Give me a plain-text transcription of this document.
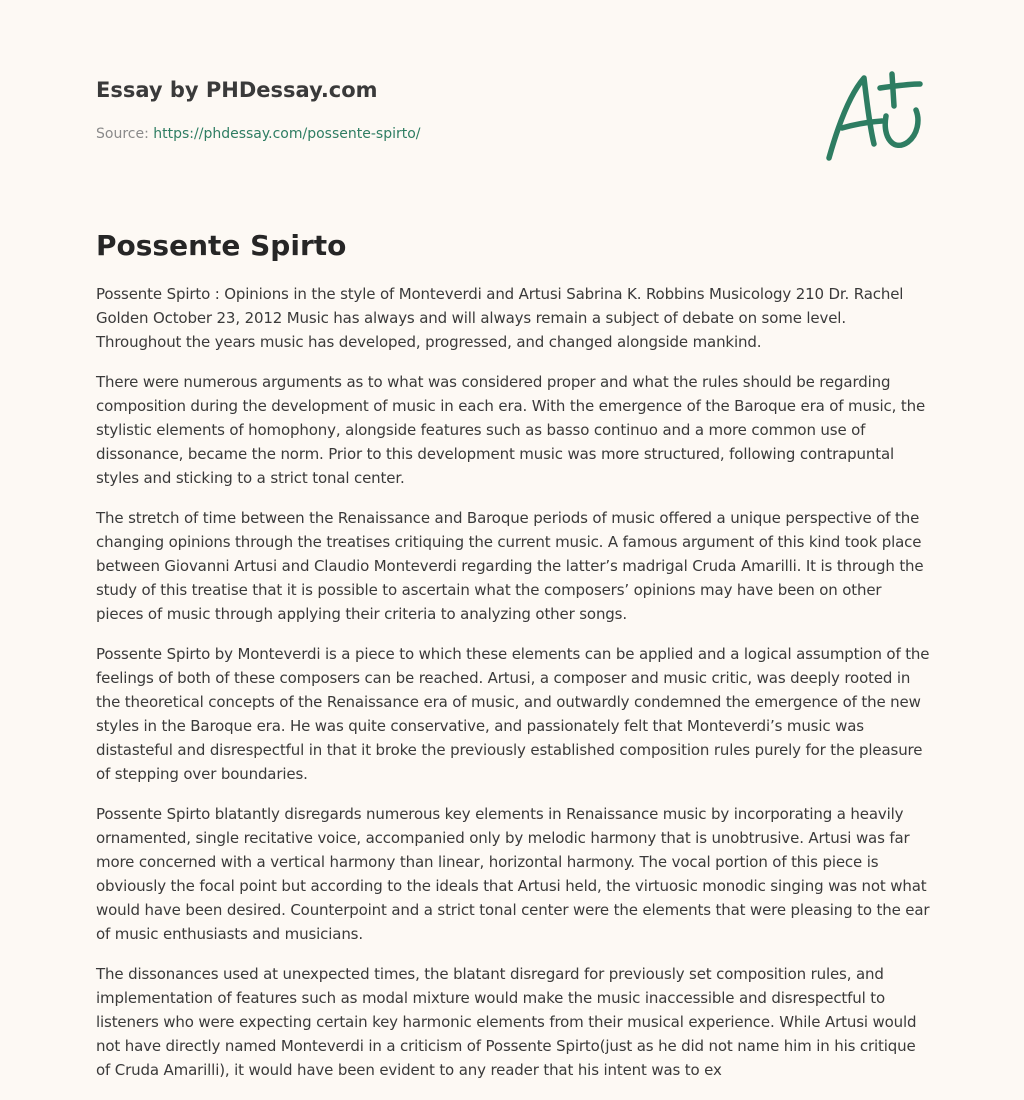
Essay by PHDessay.com
Source: https://phdessay.com/possente-spirto/
Possente Spirto

Possente Spirto : Opinions in the style of Monteverdi and Artusi Sabrina K. Robbins Musicology 210 Dr. Rachel Golden October 23, 2012 Music has always and will always remain a subject of debate on some level. Throughout the years music has developed, progressed, and changed alongside mankind.

There were numerous arguments as to what was considered proper and what the rules should be regarding composition during the development of music in each era. With the emergence of the Baroque era of music, the stylistic elements of homophony, alongside features such as basso continuo and a more common use of dissonance, became the norm. Prior to this development music was more structured, following contrapuntal styles and sticking to a strict tonal center.

The stretch of time between the Renaissance and Baroque periods of music offered a unique perspective of the changing opinions through the treatises critiquing the current music. A famous argument of this kind took place between Giovanni Artusi and Claudio Monteverdi regarding the latter’s madrigal Cruda Amarilli. It is through the study of this treatise that it is possible to ascertain what the composers’ opinions may have been on other pieces of music through applying their criteria to analyzing other songs.

Possente Spirto by Monteverdi is a piece to which these elements can be applied and a logical assumption of the feelings of both of these composers can be reached. Artusi, a composer and music critic, was deeply rooted in the theoretical concepts of the Renaissance era of music, and outwardly condemned the emergence of the new styles in the Baroque era. He was quite conservative, and passionately felt that Monteverdi’s music was distasteful and disrespectful in that it broke the previously established composition rules purely for the pleasure of stepping over boundaries.

Possente Spirto blatantly disregards numerous key elements in Renaissance music by incorporating a heavily ornamented, single recitative voice, accompanied only by melodic harmony that is unobtrusive. Artusi was far more concerned with a vertical harmony than linear, horizontal harmony. The vocal portion of this piece is obviously the focal point but according to the ideals that Artusi held, the virtuosic monodic singing was not what would have been desired. Counterpoint and a strict tonal center were the elements that were pleasing to the ear of music enthusiasts and musicians.

The dissonances used at unexpected times, the blatant disregard for previously set composition rules, and implementation of features such as modal mixture would make the music inaccessible and disrespectful to listeners who were expecting certain key harmonic elements from their musical experience. While Artusi would not have directly named Monteverdi in a criticism of Possente Spirto(just as he did not name him in his critique of Cruda Amarilli), it would have been evident to any reader that his intent was to ex
